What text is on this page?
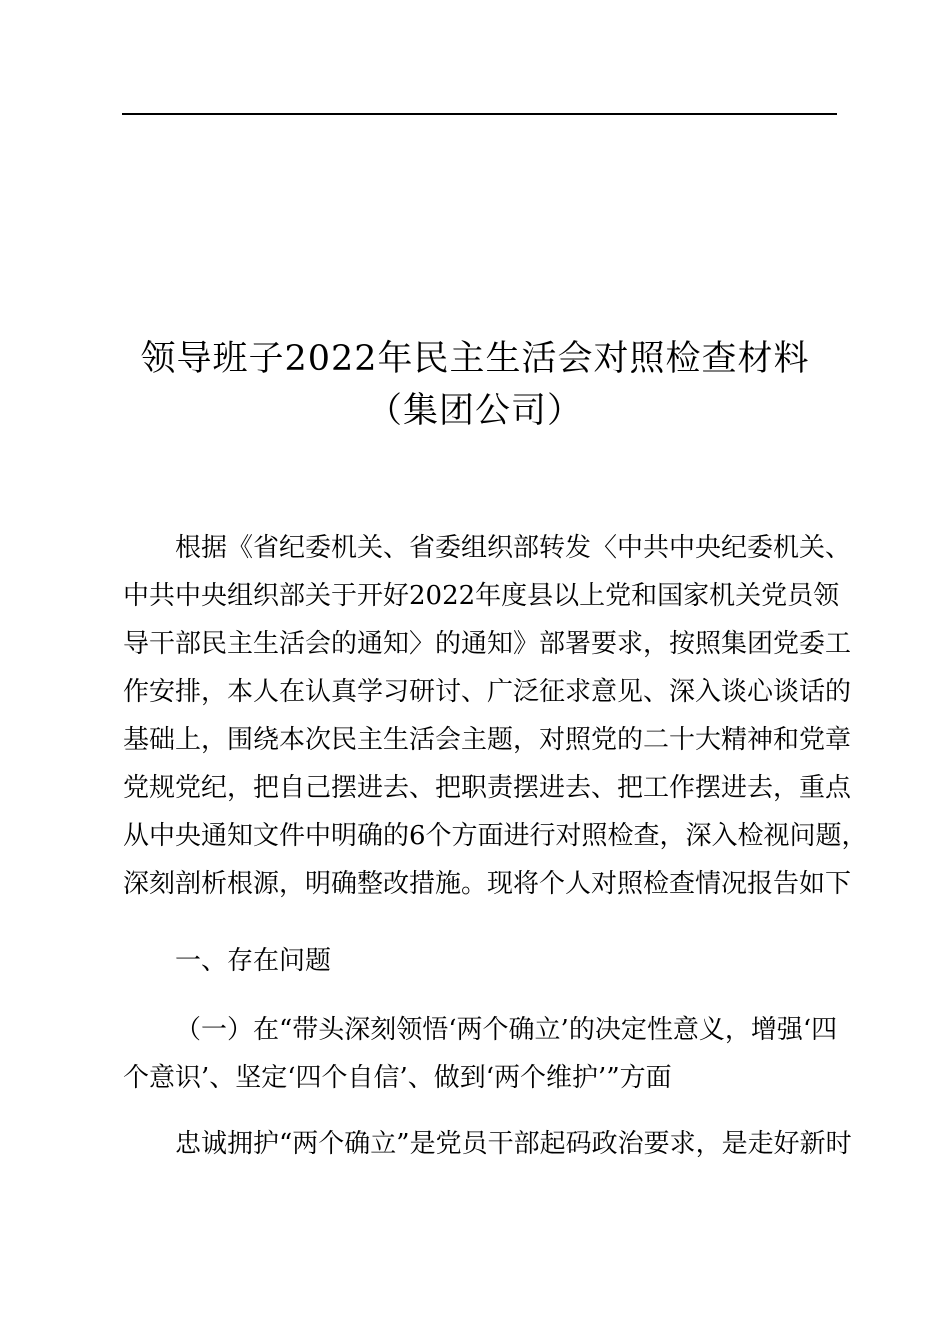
领导班子2022年民主生活会对照检查材料
（集团公司）
根据《省纪委机关、省委组织部转发〈中共中央纪委机关、
中共中央组织部关于开好2022年度县以上党和国家机关党员领
导干部民主生活会的通知〉的通知》部署要求，按照集团党委工
作安排，本人在认真学习研讨、广泛征求意见、深入谈心谈话的
基础上，围绕本次民主生活会主题，对照党的二十大精神和党章
党规党纪，把自己摆进去、把职责摆进去、把工作摆进去，重点
从中央通知文件中明确的6个方面进行对照检查，深入检视问题，
深刻剖析根源，明确整改措施。现将个人对照检查情况报告如下
一、存在问题
（一）在“带头深刻领悟‘两个确立’的决定性意义，增强‘四
个意识’、坚定‘四个自信’、做到‘两个维护’”方面
忠诚拥护“两个确立”是党员干部起码政治要求，是走好新时
